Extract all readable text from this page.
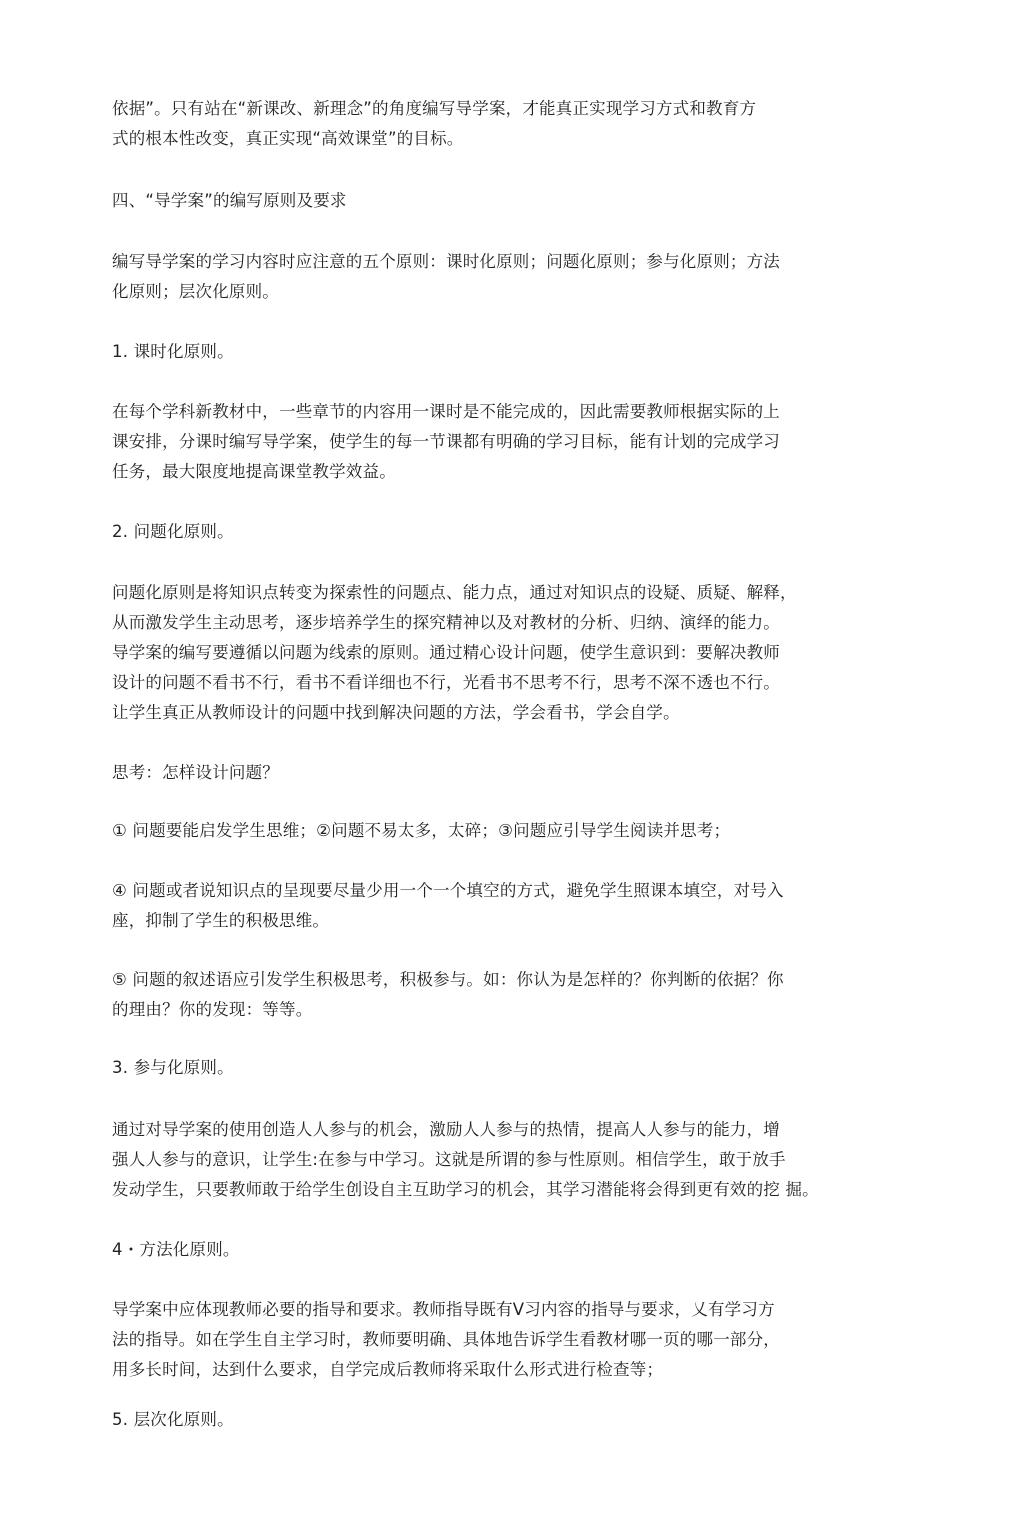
依据”。只有站在“新课改、新理念”的角度编写导学案，才能真正实现学习方式和教育方
式的根本性改变，真正实现“高效课堂”的目标。

四、“导学案”的编写原则及要求

编写导学案的学习内容时应注意的五个原则：课时化原则；问题化原则；参与化原则；方法
化原则；层次化原则。

1. 课时化原则。

在每个学科新教材中，一些章节的内容用一课时是不能完成的，因此需要教师根据实际的上
课安排，分课时编写导学案，使学生的每一节课都有明确的学习目标，能有计划的完成学习
任务，最大限度地提高课堂教学效益。

2. 问题化原则。

问题化原则是将知识点转变为探索性的问题点、能力点，通过对知识点的设疑、质疑、解释，
从而激发学生主动思考，逐步培养学生的探究精神以及对教材的分析、归纳、演绎的能力。
导学案的编写要遵循以问题为线索的原则。通过精心设计问题，使学生意识到：要解决教师
设计的问题不看书不行，看书不看详细也不行，光看书不思考不行，思考不深不透也不行。
让学生真正从教师设计的问题中找到解决问题的方法，学会看书，学会自学。

思考：怎样设计问题？

① 问题要能启发学生思维；②问题不易太多，太碎；③问题应引导学生阅读并思考；

④ 问题或者说知识点的呈现要尽量少用一个一个填空的方式，避免学生照课本填空，对号入
座，抑制了学生的积极思维。

⑤ 问题的叙述语应引发学生积极思考，积极参与。如：你认为是怎样的？你判断的依据？你
的理由？你的发现：等等。

3. 参与化原则。

通过对导学案的使用创造人人参与的机会，激励人人参与的热情，提高人人参与的能力，增
强人人参与的意识，让学生:在参与中学习。这就是所谓的参与性原则。相信学生，敢于放手
发动学生，只要教师敢于给学生创设自主互助学习的机会，其学习潜能将会得到更有效的挖 掘。

4・方法化原则。

导学案中应体现教师必要的指导和要求。教师指导既有V习内容的指导与要求，乂有学习方
法的指导。如在学生自主学习时，教师要明确、具体地告诉学生看教材哪一页的哪一部分，
用多长时间，达到什么要求，自学完成后教师将采取什么形式进行检查等；

5. 层次化原则。
